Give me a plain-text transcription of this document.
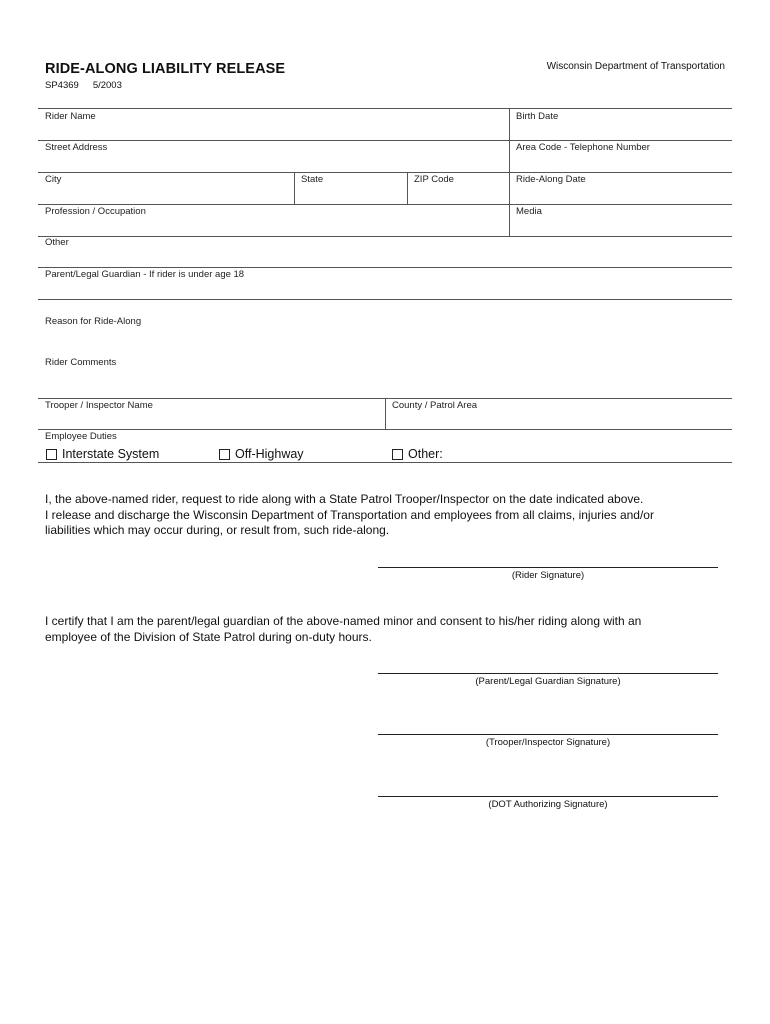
RIDE-ALONG LIABILITY RELEASE
SP4369 5/2003
Wisconsin Department of Transportation
Rider Name	Birth Date
Street Address	Area Code - Telephone Number
City	State	ZIP Code	Ride-Along Date
Profession / Occupation	Media
Other
Parent/Legal Guardian - If rider is under age 18
Reason for Ride-Along
Rider Comments
Trooper / Inspector Name	County / Patrol Area
Employee Duties
Interstate System	Off-Highway	Other:

I, the above-named rider, request to ride along with a State Patrol Trooper/Inspector on the date indicated above.

I release and discharge the Wisconsin Department of Transportation and employees from all claims, injuries and/or

liabilities which may occur during, or result from, such ride-along.

(Rider Signature)

I certify that I am the parent/legal guardian of the above-named minor and consent to his/her riding along with an

employee of the Division of State Patrol during on-duty hours.

(Parent/Legal Guardian Signature)
(Trooper/Inspector Signature)
(DOT Authorizing Signature)
